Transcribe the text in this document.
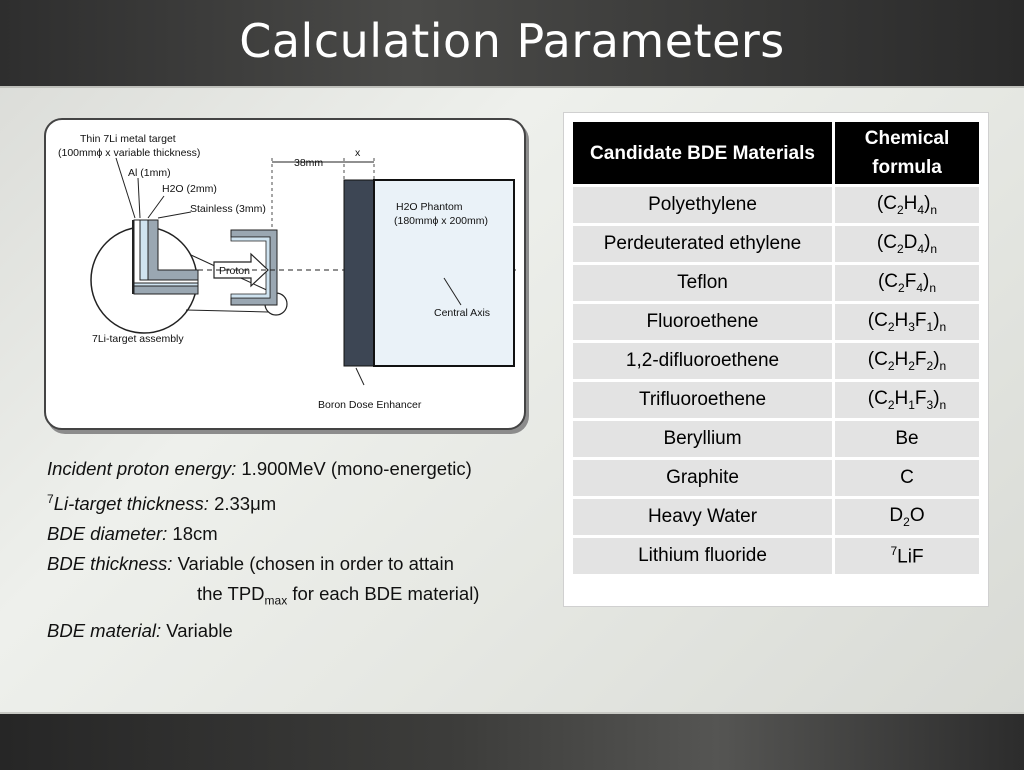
Calculation Parameters
Proton
38mm
x
Thin 7Li metal target
(100mmϕ x variable thickness)
Al (1mm)
H2O (2mm)
Stainless (3mm)	H2O Phantom
(180mmϕ x 200mm)
Central Axis
7Li-target assembly
Boron Dose Enhancer
Incident proton energy: 1.900MeV (mono-energetic)
$^7$Li-target thickness: 2.33μm
BDE diameter: 18cm
BDE thickness: Variable (chosen in order to attain
the $TPD_{max}$ for each BDE material)
BDE material: Variable
Candidate BDE Materials	Chemical formula
Polyethylene	$(C_2H_4)_n$
Perdeuterated ethylene	$(C_2D_4)_n$
Teflon	$(C_2F_4)_n$
Fluoroethene	$(C_2H_3F_1)_n$
1,2-difluoroethene	$(C_2H_2F_2)_n$
Trifluoroethene	$(C_2H_1F_3)_n$
Beryllium	Be
Graphite	C
Heavy Water	$D_2O$
Lithium fluoride	$^7$LiF
